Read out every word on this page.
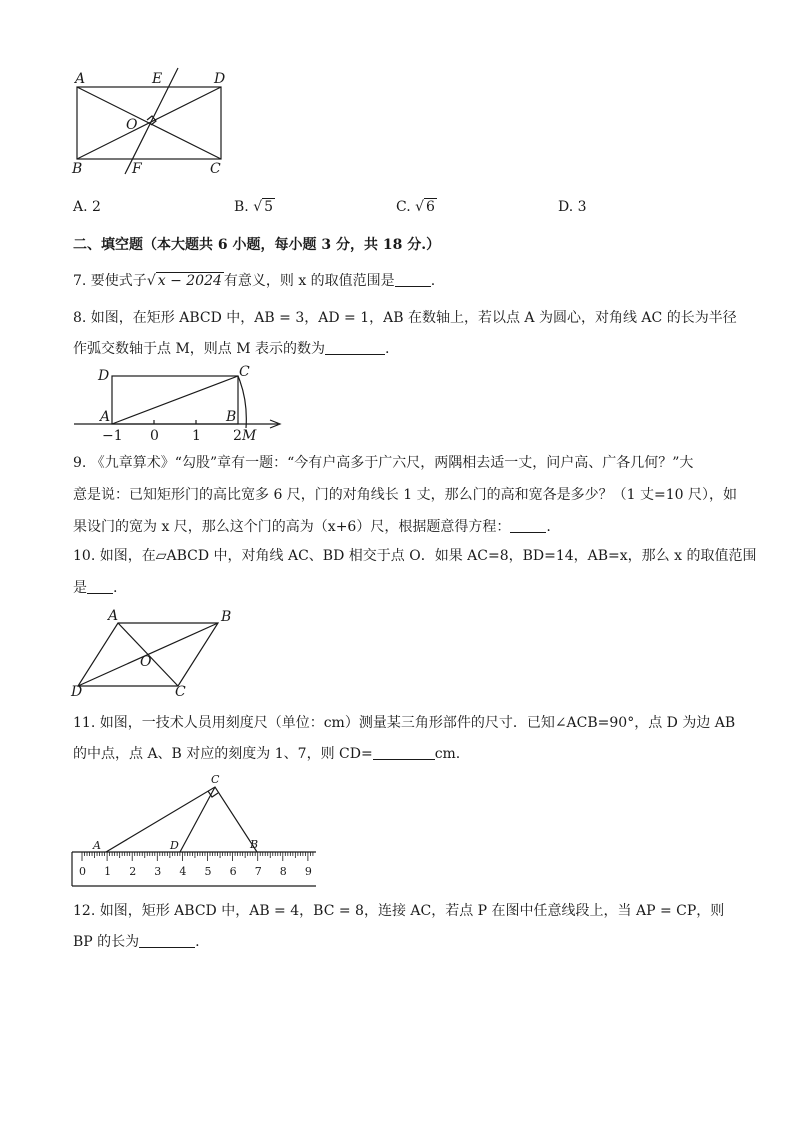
A	E	D
O
B	F	C
A. 2	B. √ 5	C. √ 6	D. 3
二、填空题（本大题共 6 小题，每小题 3 分，共 18 分.）
7. 要使式子√ x − 2024 有意义，则 x 的取值范围是	.
8. 如图，在矩形 ABCD 中，AB = 3，AD = 1，AB 在数轴上，若以点 A 为圆心，对角线 AC 的长为半径
作弧交数轴于点 M，则点 M 表示的数为	.
D	C
A	B
−1 0 1 2 M
9. 《九章算术》“勾股”章有一题：“今有户高多于广六尺，两隅相去适一丈，问户高、广各几何？”大
意是说：已知矩形门的高比宽多 6 尺，门的对角线长 1 丈，那么门的高和宽各是多少？（1 丈=10 尺），如
果设门的宽为 x 尺，那么这个门的高为（x+6）尺，根据题意得方程：	.
10. 如图，在▱ABCD 中，对角线 AC、BD 相交于点 O．如果 AC=8，BD=14，AB=x，那么 x 的取值范围
是 .
A	B
O
D	C
11. 如图，一技术人员用刻度尺（单位：cm）测量某三角形部件的尺寸．已知∠ACB=90°，点 D 为边 AB
的中点，点 A、B 对应的刻度为 1、7，则 CD=	cm.
C
A	D	B
0 1 2 3 4 5 6 7 8 9
12. 如图，矩形 ABCD 中，AB = 4，BC = 8，连接 AC，若点 P 在图中任意线段上，当 AP = CP，则
BP 的长为	.
